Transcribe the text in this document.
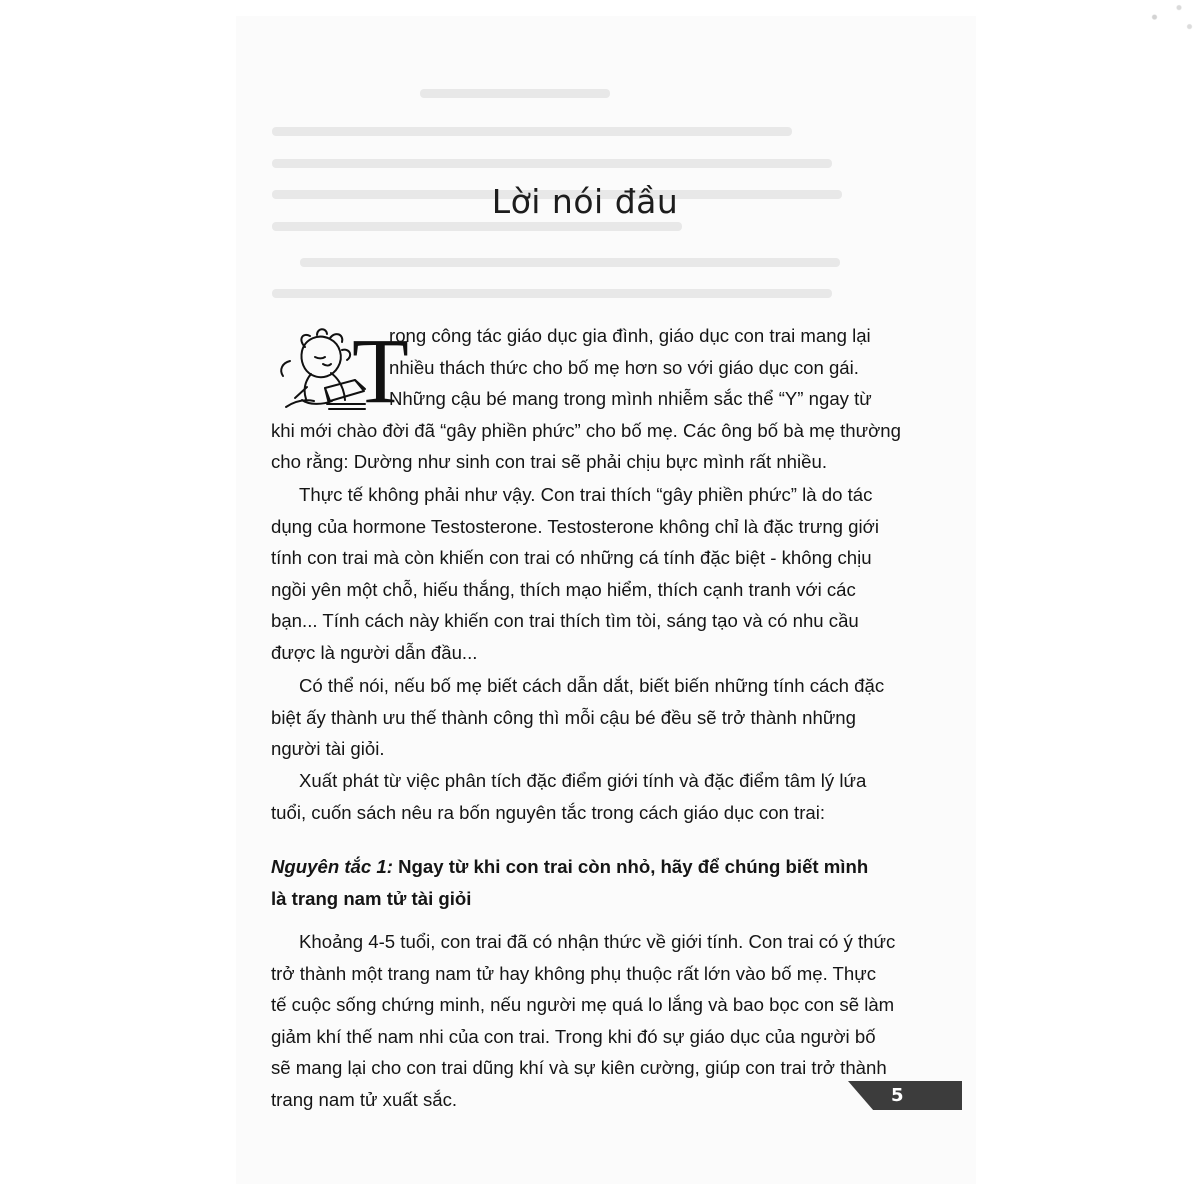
Lời nói đầu
T
rong công tác giáo dục gia đình, giáo dục con trai mang lại
nhiều thách thức cho bố mẹ hơn so với giáo dục con gái.
Những cậu bé mang trong mình nhiễm sắc thể “Y” ngay từ
khi mới chào đời đã “gây phiền phức” cho bố mẹ. Các ông bố bà mẹ thường
cho rằng: Dường như sinh con trai sẽ phải chịu bực mình rất nhiều.
Thực tế không phải như vậy. Con trai thích “gây phiền phức” là do tác
dụng của hormone Testosterone. Testosterone không chỉ là đặc trưng giới
tính con trai mà còn khiến con trai có những cá tính đặc biệt - không chịu
ngồi yên một chỗ, hiếu thắng, thích mạo hiểm, thích cạnh tranh với các
bạn... Tính cách này khiến con trai thích tìm tòi, sáng tạo và có nhu cầu
được là người dẫn đầu...
Có thể nói, nếu bố mẹ biết cách dẫn dắt, biết biến những tính cách đặc
biệt ấy thành ưu thế thành công thì mỗi cậu bé đều sẽ trở thành những
người tài giỏi.
Xuất phát từ việc phân tích đặc điểm giới tính và đặc điểm tâm lý lứa
tuổi, cuốn sách nêu ra bốn nguyên tắc trong cách giáo dục con trai:
Nguyên tắc 1: Ngay từ khi con trai còn nhỏ, hãy để chúng biết mình
là trang nam tử tài giỏi
Khoảng 4-5 tuổi, con trai đã có nhận thức về giới tính. Con trai có ý thức
trở thành một trang nam tử hay không phụ thuộc rất lớn vào bố mẹ. Thực
tế cuộc sống chứng minh, nếu người mẹ quá lo lắng và bao bọc con sẽ làm
giảm khí thế nam nhi của con trai. Trong khi đó sự giáo dục của người bố
sẽ mang lại cho con trai dũng khí và sự kiên cường, giúp con trai trở thành
trang nam tử xuất sắc.	5
